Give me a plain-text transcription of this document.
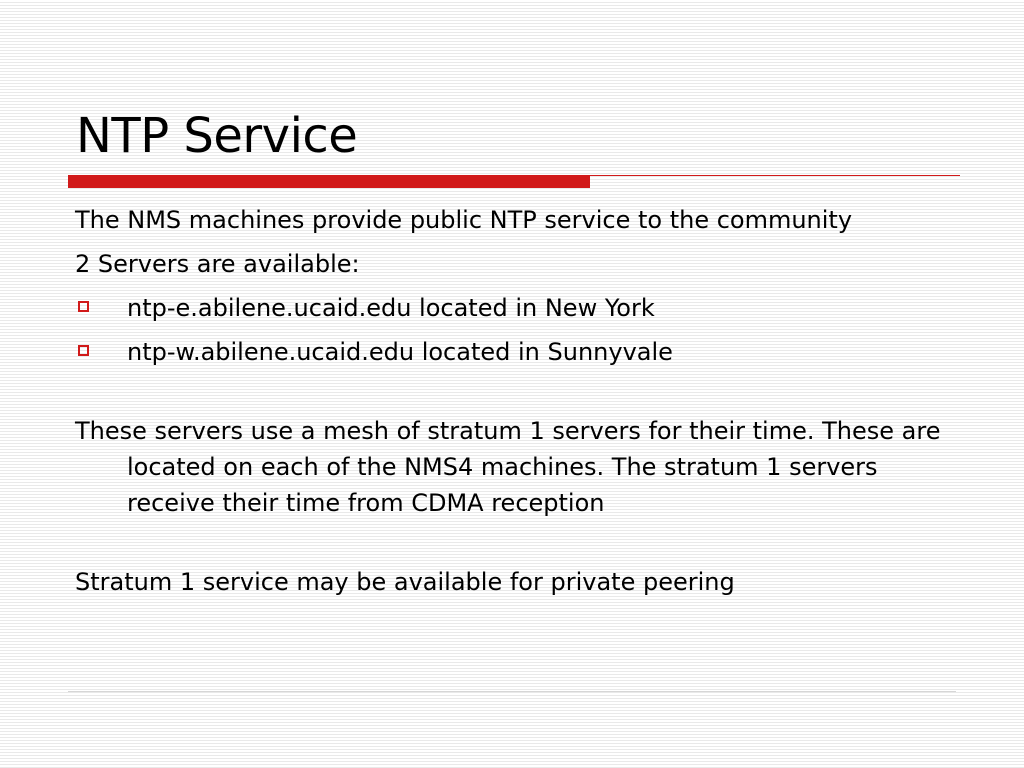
NTP Service

The NMS machines provide public NTP service to the community

2 Servers are available:

ntp-e.abilene.ucaid.edu located in New York
ntp-w.abilene.ucaid.edu located in Sunnyvale

These servers use a mesh of stratum 1 servers for their time. These are located on each of the NMS4 machines. The stratum 1 servers receive their time from CDMA reception

Stratum 1 service may be available for private peering
